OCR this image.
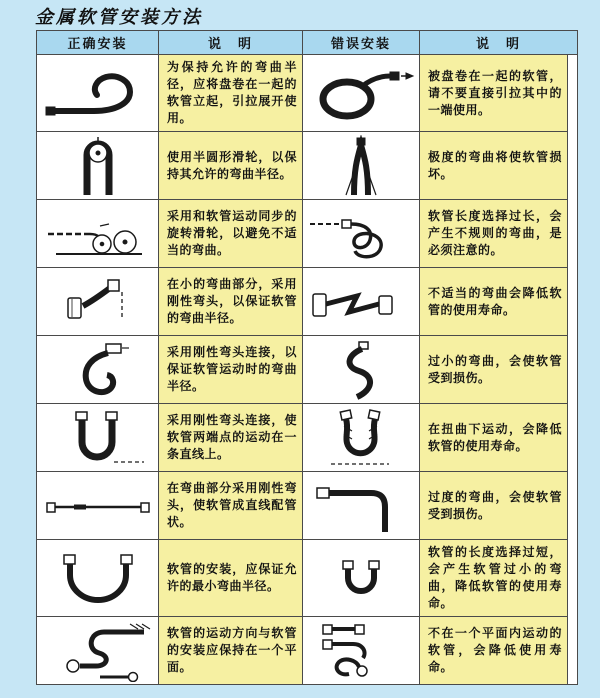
金属软管安装方法
正确安装	说　明	错误安装	说　明	

	为保持允许的弯曲半径，应将盘卷在一起的软管立起，引拉展开使用。		被盘卷在一起的软管，请不要直接引拉其中的一端使用。	

	使用半圆形滑轮，以保持其允许的弯曲半径。		极度的弯曲将使软管损坏。	

	采用和软管运动同步的旋转滑轮，以避免不适当的弯曲。		软管长度选择过长，会产生不规则的弯曲，是必须注意的。	

	在小的弯曲部分，采用刚性弯头，以保证软管的弯曲半径。		不适当的弯曲会降低软管的使用寿命。	

	采用刚性弯头连接，以保证软管运动时的弯曲半径。		过小的弯曲，会使软管受到损伤。	

	采用刚性弯头连接，使软管两端点的运动在一条直线上。		在扭曲下运动，会降低软管的使用寿命。	

	在弯曲部分采用刚性弯头，使软管成直线配管状。		过度的弯曲，会使软管受到损伤。	

	软管的安装，应保证允许的最小弯曲半径。		软管的长度选择过短，会产生软管过小的弯曲，降低软管的使用寿命。	

	软管的运动方向与软管的安装应保持在一个平面。		不在一个平面内运动的软管，会降低使用寿命。	
